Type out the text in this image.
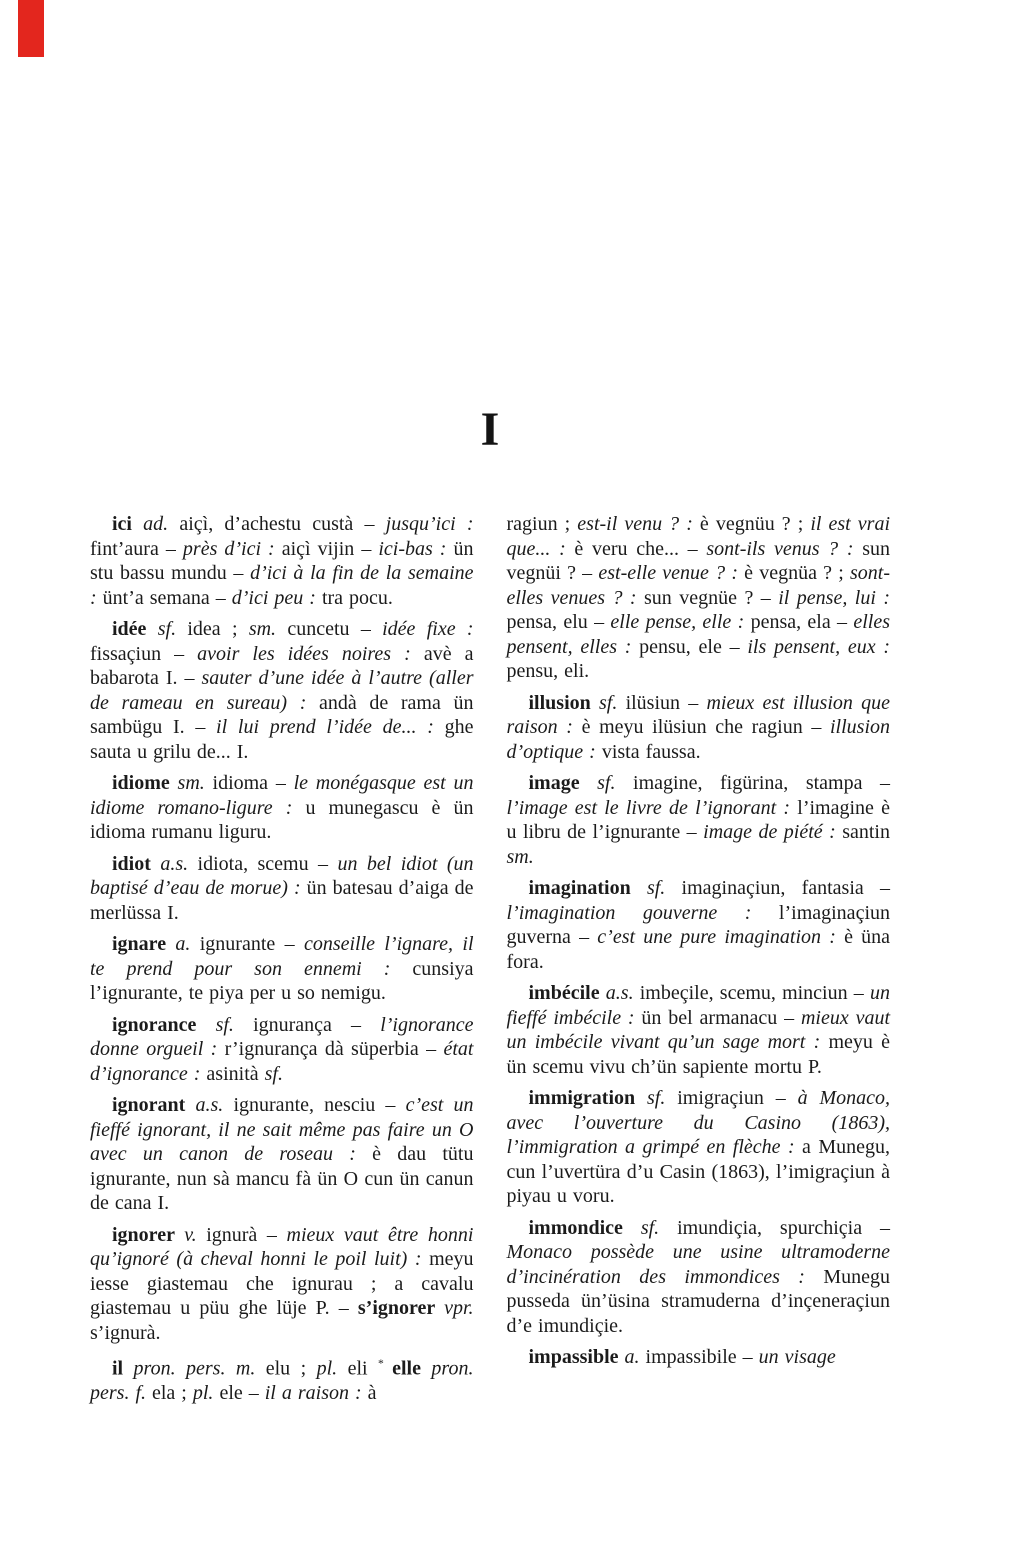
I

ici ad. aiçì, d’achestu custà – jusqu’ici : fint’aura – près d’ici : aiçì vijin – ici-bas : ün stu bassu mundu – d’ici à la fin de la semaine : ünt’a semana – d’ici peu : tra pocu.

idée sf. idea ; sm. cuncetu – idée fixe : fissaçiun – avoir les idées noires : avè a babarota I. – sauter d’une idée à l’autre (aller de rameau en sureau) : andà de rama ün sambügu I. – il lui prend l’idée de... : ghe sauta u grilu de... I.

idiome sm. idioma – le monégasque est un idiome romano-ligure : u munegascu è ün idioma rumanu liguru.

idiot a.s. idiota, scemu – un bel idiot (un baptisé d’eau de morue) : ün batesau d’aiga de merlüssa I.

ignare a. ignurante – conseille l’ignare, il te prend pour son ennemi : cunsiya l’ignurante, te piya per u so nemigu.

ignorance sf. ignurança – l’ignorance donne orgueil : r’ignurança dà süperbia – état d’ignorance : asinità sf.

ignorant a.s. ignurante, nesciu – c’est un fieffé ignorant, il ne sait même pas faire un O avec un canon de roseau : è dau tütu ignurante, nun sà mancu fà ün O cun ün canun de cana I.

ignorer v. ignurà – mieux vaut être honni qu’ignoré (à cheval honni le poil luit) : meyu iesse giastemau che ignurau ; a cavalu giastemau u püu ghe lüje P. – s’ignorer vpr. s’ignurà.

il pron. pers. m. elu ; pl. eli * elle pron. pers. f. ela ; pl. ele – il a raison : à

ragiun ; est-il venu ? : è vegnüu ? ; il est vrai que... : è veru che... – sont-ils venus ? : sun vegnüi ? – est-elle venue ? : è vegnüa ? ; sont-elles venues ? : sun vegnüe ? – il pense, lui : pensa, elu – elle pense, elle : pensa, ela – elles pensent, elles : pensu, ele – ils pensent, eux : pensu, eli.

illusion sf. ilüsiun – mieux est illusion que raison : è meyu ilüsiun che ragiun – illusion d’optique : vista faussa.

image sf. imagine, figürina, stampa – l’image est le livre de l’ignorant : l’imagine è u libru de l’ignurante – image de piété : santin sm.

imagination sf. imaginaçiun, fantasia – l’imagination gouverne : l’imaginaçiun guverna – c’est une pure imagination : è üna fora.

imbécile a.s. imbeçile, scemu, minciun – un fieffé imbécile : ün bel armanacu – mieux vaut un imbécile vivant qu’un sage mort : meyu è ün scemu vivu ch’ün sapiente mortu P.

immigration sf. imigraçiun – à Monaco, avec l’ouverture du Casino (1863), l’immigration a grimpé en flèche : a Munegu, cun l’uvertüra d’u Casin (1863), l’imigraçiun à piyau u voru.

immondice sf. imundiçia, spurchiçia – Monaco possède une usine ultramoderne d’incinération des immondices : Munegu pusseda ün’üsina stramuderna d’inçeneraçiun d’e imundiçie.

impassible a. impassibile – un visage
